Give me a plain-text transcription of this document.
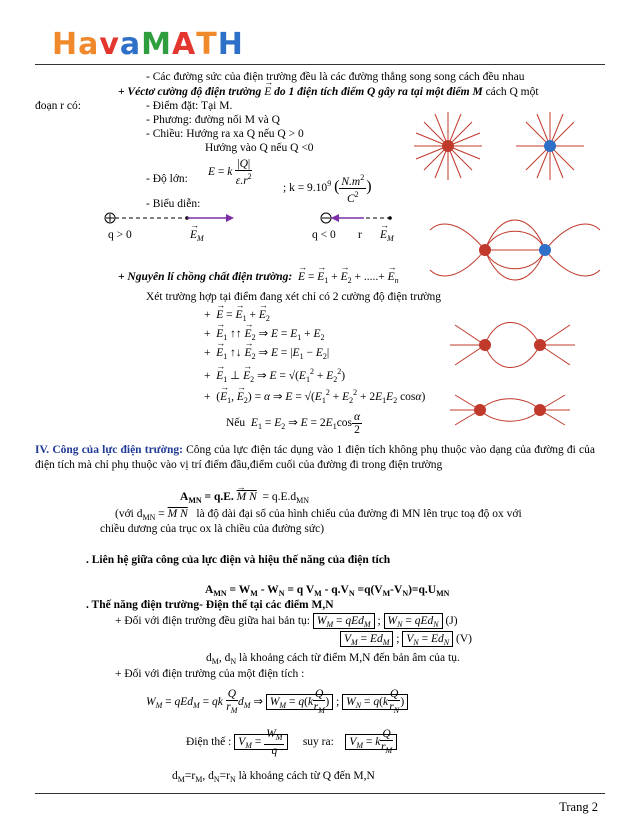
H a v a M A T H
- Các đường sức của điện trường đều là các đường thẳng song song cách đều nhau
+ Véctơ cường độ điện trường → E do 1 điện tích điểm Q gây ra tại một điểm M cách Q một
đoạn r có:	- Điểm đặt: Tại M.
- Phương: đường nối M và Q
- Chiều: Hướng ra xa Q nếu Q > 0
Hướng vào Q nếu Q <0
- Độ lớn:
E = k $\frac{|Q|}{\varepsilon.r^2}$
; $k = 9.10^9$ ( $\frac{N.m^2}{C^2}$ )
- Biểu diễn:
q > 0	→ $E_M$	q < 0 $r \to E_M$
+ Nguyên lí chồng chất điện trường: → E = → $E_1$ + → $E_2$ + .....+ → $E_n$
Xét trường hợp tại điểm đang xét chỉ có 2 cường độ điện trường
+  → E = → $E_1$ + → $E_2$
+  → $E_1$ ↑↑ → $E_2$ ⇒ $E = E_1 + E_2$
+  → $E_1$ ↑↓ → $E_2$ ⇒ $E = |E_1 - E_2|$
+  → $E_1$ ⊥ → $E_2$ ⇒ $E = √(E_1^2 + E_2^2)$
+  (→ $E_1$, → $E_2) = \alpha$ ⇒ $E = √(E_1^2 + E_2^2 + 2E_1E_2$ cosα)
Nếu $E_1 = E_2$ ⇒ $E = 2E_1\cos \frac{\alpha}{2}$
IV. Công của lực điện trường: Công của lực điện tác dụng vào 1 điện tích không phụ thuộc vào dạng của đường đi của điện tích mà chỉ phụ thuộc vào vị trí điểm đầu,điểm cuối của đường đi trong điện trường
$A_{MN} = q.E$. → M $N = q.E.d_{MN}$
(với $d_{MN} = M$ N là độ dài đại số của hình chiếu của đường đi MN lên trục toạ độ ox với
chiều dương của trục ox là chiều của đường sức)
. Liên hệ giữa công của lực điện và hiệu thế năng của điện tích
$A_{MN} = W_M - W_N = q$ $V_M - q.V_N =q(V_M-V_N)=q.U_{MN}$
. Thế năng điện trường- Điện thế tại các điểm M,N
+ Đối với điện trường đều giữa hai bản tụ: $W_M = qEd_M$ ; $W_N = qEd_N$ (J)
$V_M = Ed_M$ ; $V_N = Ed_N$ (V)
$d_M$, $d_N$ là khoảng cách từ điểm M,N đến bản âm của tụ.
+ Đối với điện trường của một điện tích :
$W_M = qEd_M$ = qk $\frac{Q}{r_M} d_M$ ⇒ $W_M = q(k \frac{Q}{r_M}$ ) ; $W_N = q(k \frac{Q}{r_N}$ )
Điện thế : $V_M = \frac{W_M}{q}$ suy ra: $V_M = k \frac{Q}{r_M}$
$d_M=r_M$, $d_N=r_N$ là khoảng cách từ Q đến M,N
Trang 2
